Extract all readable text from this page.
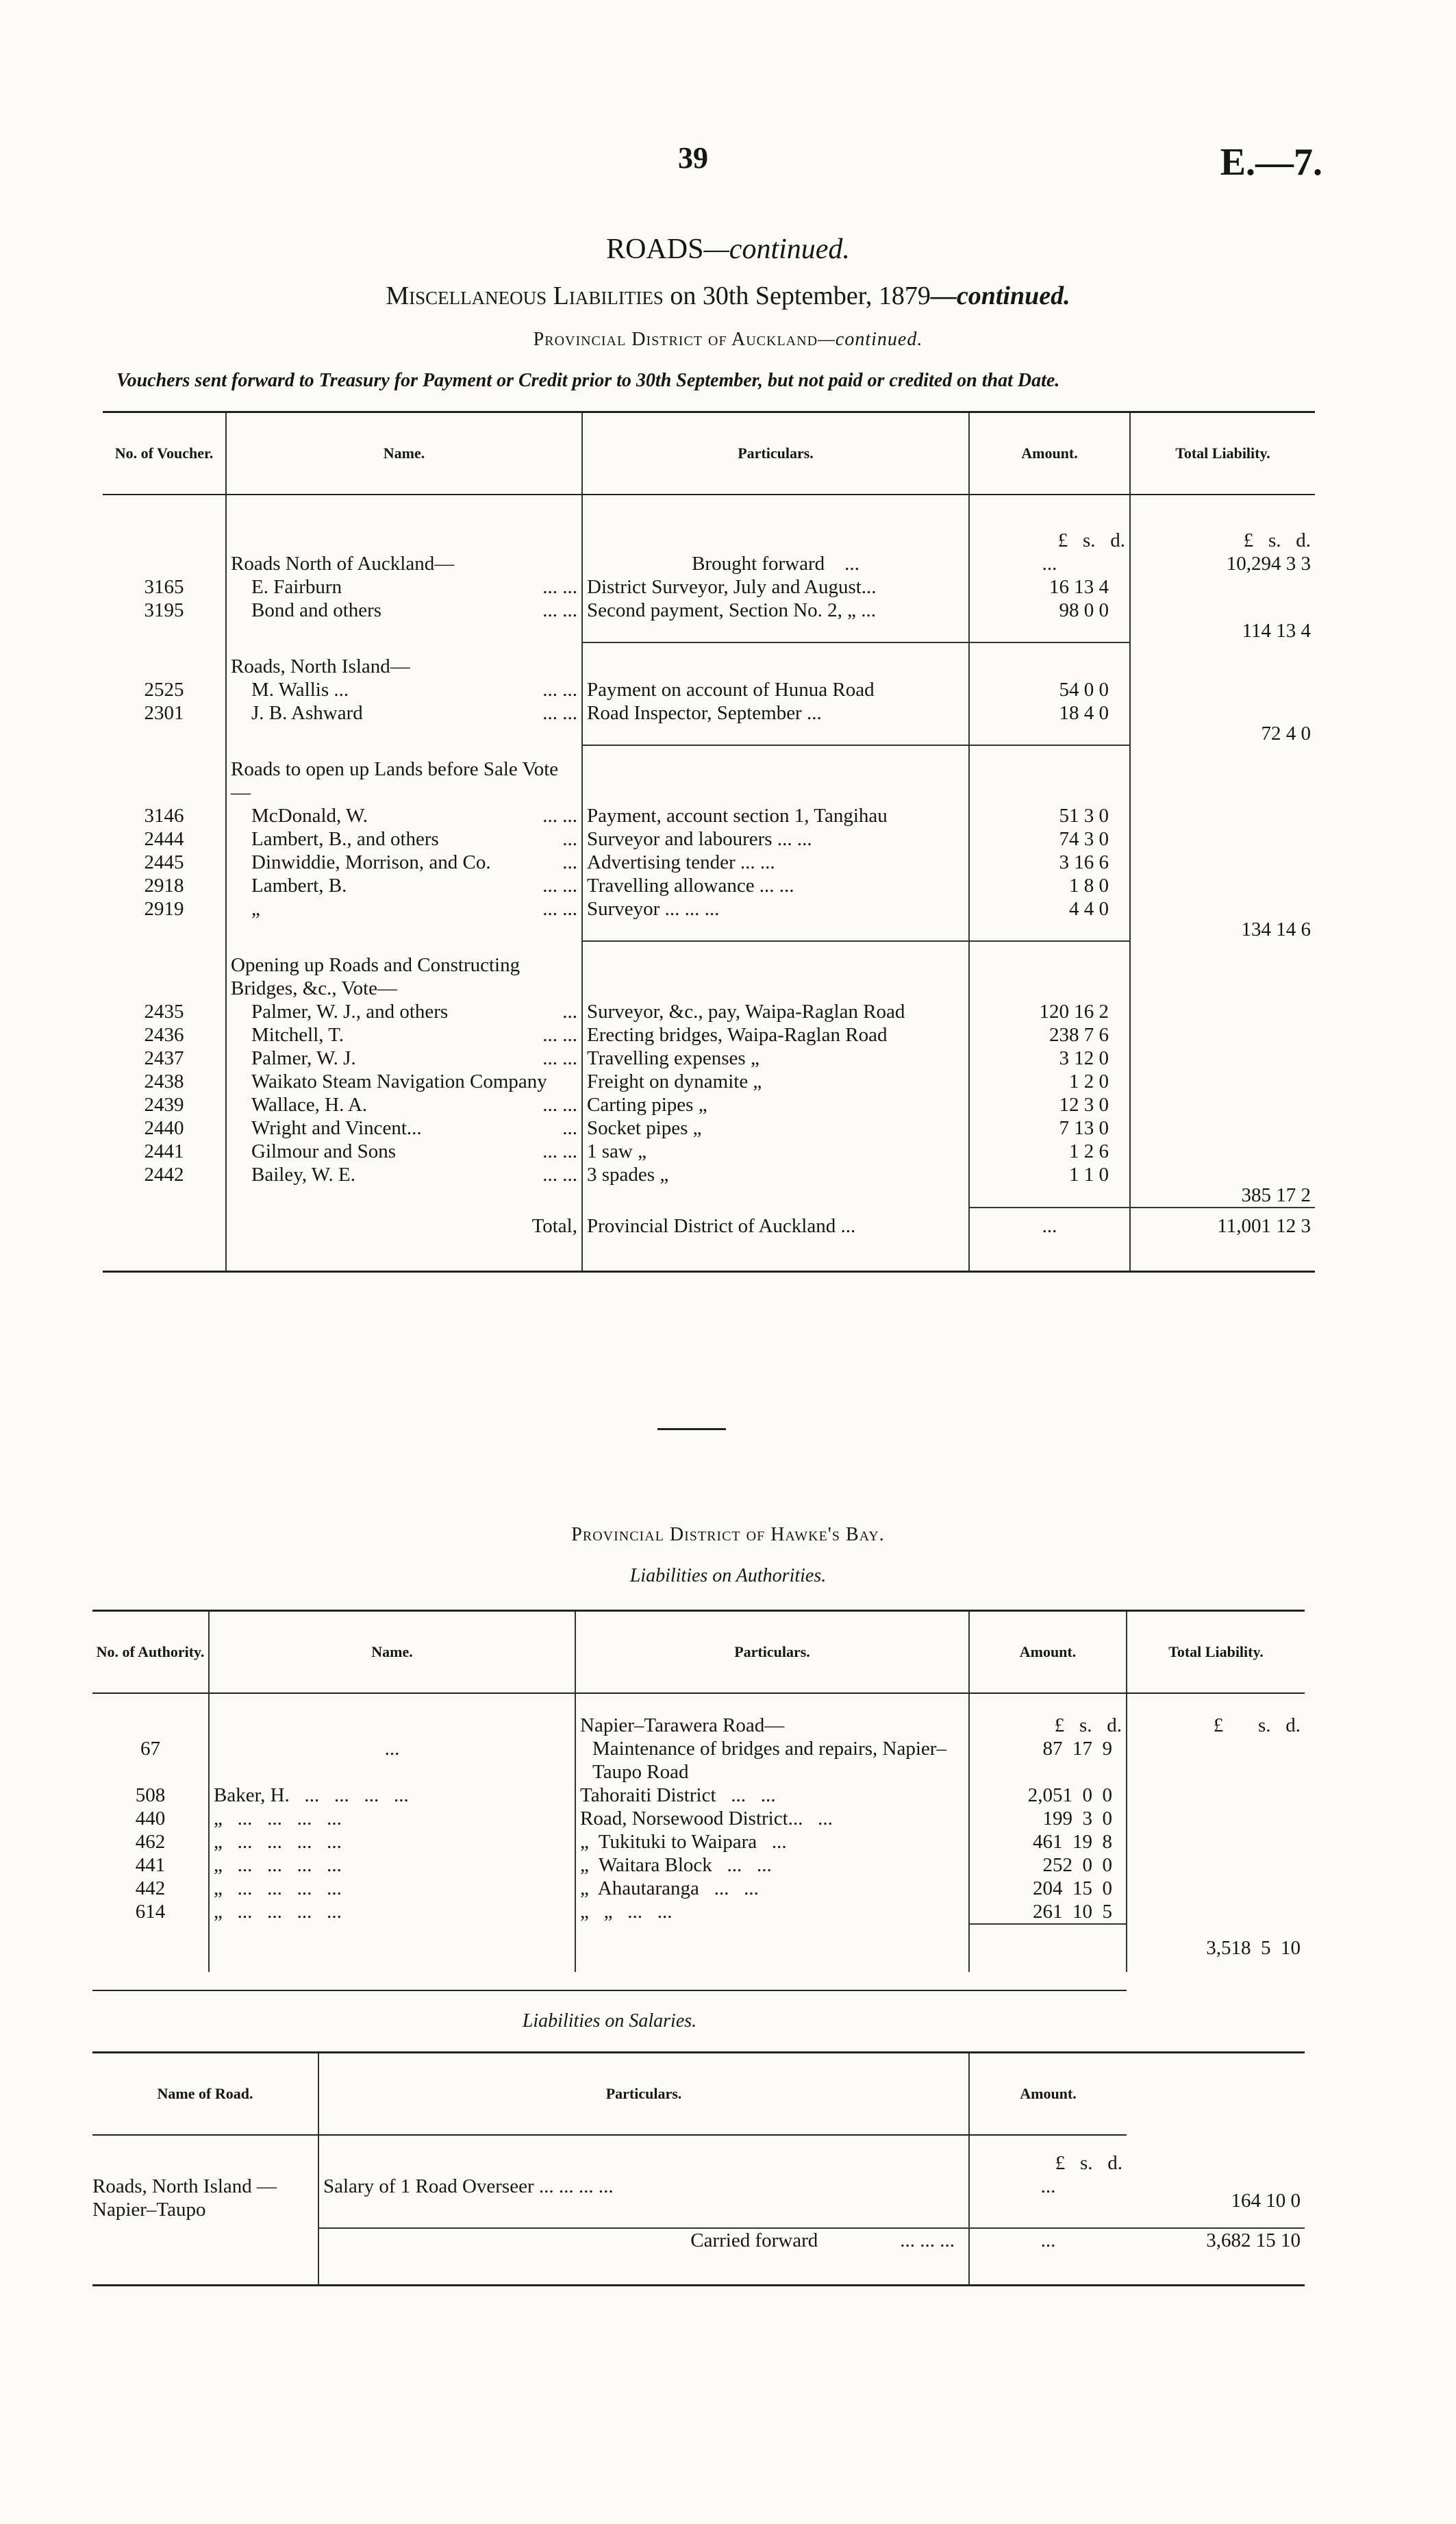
39	E.—7.
ROADS—continued.
Miscellaneous Liabilities on 30th September, 1879—continued.
Provincial District of Auckland—continued.
Vouchers sent forward to Treasury for Payment or Credit prior to 30th September, but not paid or credited on that Date.
No. of Voucher.	Name.	Particulars.	Amount.	Total Liability.

			£ s. d.	£ s. d.
	Roads North of Auckland—	Brought forward ...	...	10,294 3 3
3165	E. Fairburn ... ...	District Surveyor, July and August...	16 13 4	
3195	Bond and others ... ...	Second payment, Section No. 2, „ ...	98 0 0	114 13 4
	Roads, North Island—			
2525	M. Wallis ... ... ...	Payment on account of Hunua Road	54 0 0	
2301	J. B. Ashward ... ...	Road Inspector, September ...	18 4 0	72 4 0
	Roads to open up Lands before Sale Vote—			
3146	McDonald, W. ... ...	Payment, account section 1, Tangihau	51 3 0	
2444	Lambert, B., and others ...	Surveyor and labourers ... ...	74 3 0	
2445	Dinwiddie, Morrison, and Co. ...	Advertising tender ... ...	3 16 6	
2918	Lambert, B. ... ...	Travelling allowance ... ...	1 8 0	
2919	„ ... ...	Surveyor ... ... ...	4 4 0	134 14 6
	Opening up Roads and Constructing Bridges, &c., Vote—			
2435	Palmer, W. J., and others ...	Surveyor, &c., pay, Waipa-Raglan Road	120 16 2	
2436	Mitchell, T. ... ...	Erecting bridges, Waipa-Raglan Road	238 7 6	
2437	Palmer, W. J. ... ...	Travelling expenses „	3 12 0	
2438	Waikato Steam Navigation Company	Freight on dynamite „	1 2 0	
2439	Wallace, H. A. ... ...	Carting pipes „	12 3 0	
2440	Wright and Vincent... ...	Socket pipes „	7 13 0	
2441	Gilmour and Sons ... ...	1 saw „	1 2 6	
2442	Bailey, W. E. ... ...	3 spades „	1 1 0	385 17 2

	Total,	Provincial District of Auckland ...	...	11,001 12 3

Provincial District of Hawke's Bay.
Liabilities on Authorities.
No. of Authority.	Name.	Particulars.	Amount.	Total Liability.

		Napier–Tarawera Road—	£   s.   d.	£       s.   d.
67	...	Maintenance of bridges and repairs, Napier–Taupo Road	87  17  9	
508	Baker, H.   ...   ...   ...   ...	Tahoraiti District   ...   ...	2,051  0  0	
440	„   ...   ...   ...   ...	Road, Norsewood District...   ...	199  3  0	
462	„   ...   ...   ...   ...	„  Tukituki to Waipara   ...	461  19  8	
441	„   ...   ...   ...   ...	„  Waitara Block   ...   ...	252  0  0	
442	„   ...   ...   ...   ...	„  Ahautaranga   ...   ...	204  15  0	
614	„   ...   ...   ...   ...	„   „   ...   ...	261  10  5	
				3,518  5  10
Liabilities on Salaries.
Name of Road.	Particulars.	Amount.	

		£ s. d.	
Roads, North Island —Napier–Taupo	Salary of 1 Road Overseer ... ... ... ...	...	164 10 0
	Carried forward ... ... ...	...	3,682 15 10
